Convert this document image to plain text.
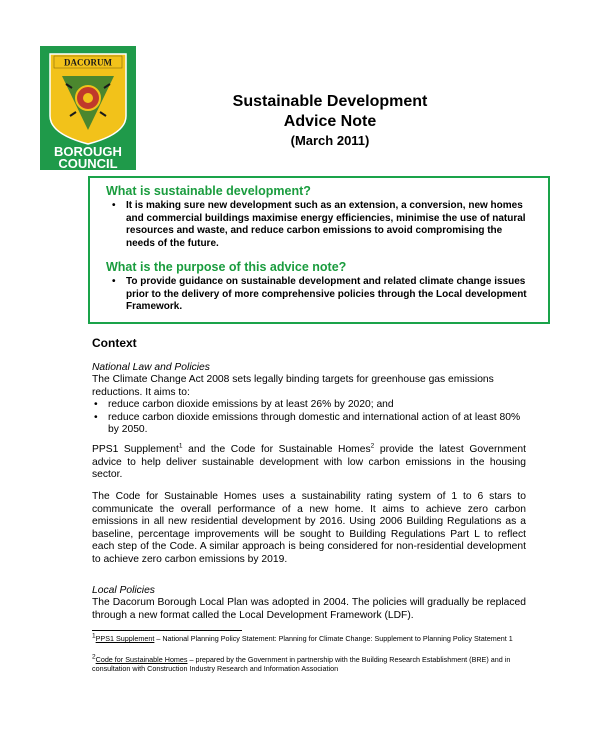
DACORUM
BOROUGH
COUNCIL
Sustainable Development
Advice Note
(March 2011)
What is sustainable development?
• It is making sure new development such as an extension, a conversion, new homes and commercial buildings maximise energy efficiencies, minimise the use of natural resources and waste, and reduce carbon emissions to avoid compromising the needs of the future.
What is the purpose of this advice note?
• To provide guidance on sustainable development and related climate change issues prior to the delivery of more comprehensive policies through the Local development Framework.
Context
National Law and Policies
The Climate Change Act 2008 sets legally binding targets for greenhouse gas emissions reductions. It aims to:
• reduce carbon dioxide emissions by at least 26% by 2020; and
• reduce carbon dioxide emissions through domestic and international action of at least 80% by 2050.
PPS1 Supplement$^1$ and the Code for Sustainable Homes$^2$ provide the latest Government advice to help deliver sustainable development with low carbon emissions in the housing sector.
The Code for Sustainable Homes uses a sustainability rating system of 1 to 6 stars to communicate the overall performance of a new home. It aims to achieve zero carbon emissions in all new residential development by 2016. Using 2006 Building Regulations as a baseline, percentage improvements will be sought to Building Regulations Part L to reflect each step of the Code. A similar approach is being considered for non-residential development to achieve zero carbon emissions by 2019.
Local Policies
The Dacorum Borough Local Plan was adopted in 2004. The policies will gradually be replaced through a new format called the Local Development Framework (LDF).
1PPS1 Supplement – National Planning Policy Statement: Planning for Climate Change: Supplement to Planning Policy Statement 1
2Code for Sustainable Homes – prepared by the Government in partnership with the Building Research Establishment (BRE) and in consultation with Construction Industry Research and Information Association
